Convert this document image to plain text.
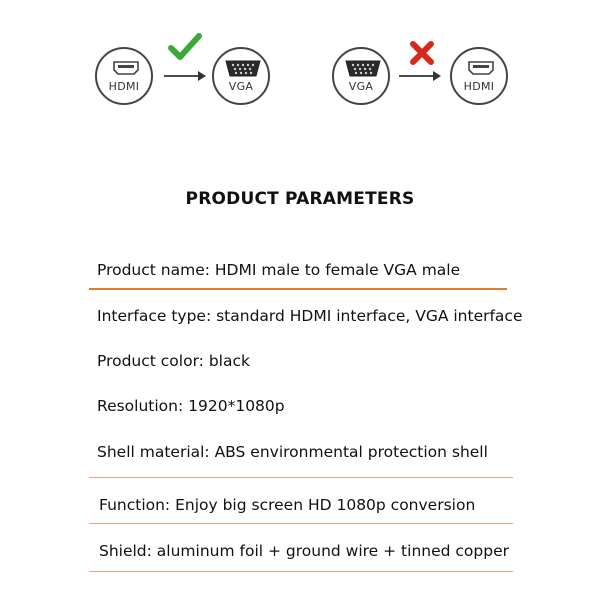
HDMI	VGA	VGA	HDMI
PRODUCT PARAMETERS
Product name: HDMI male to female VGA male
Interface type: standard HDMI interface, VGA interface
Product color: black
Resolution: 1920*1080p
Shell material: ABS environmental protection shell
Function: Enjoy big screen HD 1080p conversion
Shield: aluminum foil + ground wire + tinned copper
